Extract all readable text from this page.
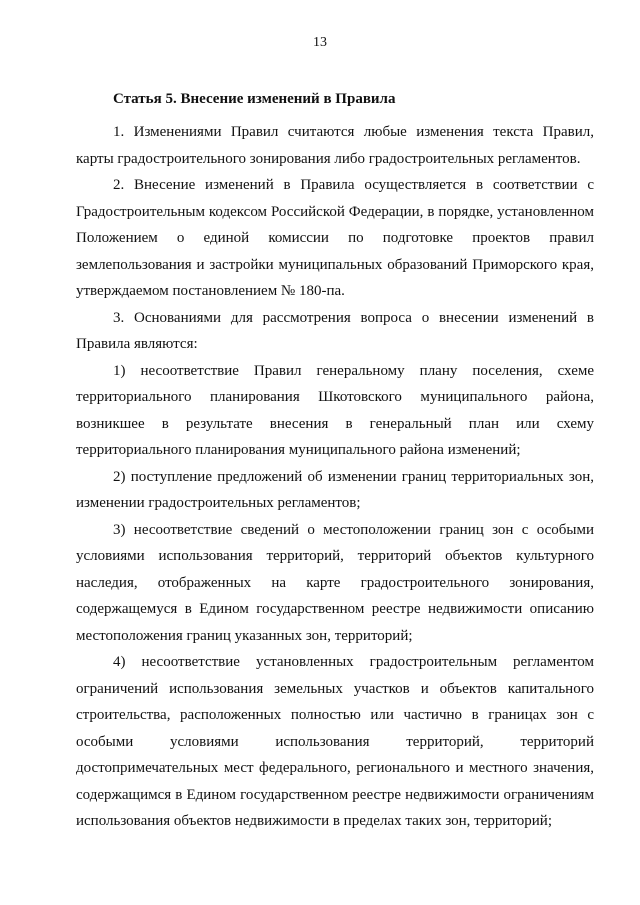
13

Статья 5. Внесение изменений в Правила

1. Изменениями Правил считаются любые изменения текста Правил, карты градостроительного зонирования либо градостроительных регламентов.

2. Внесение изменений в Правила осуществляется в соответствии с Градостроительным кодексом Российской Федерации, в порядке, установленном Положением о единой комиссии по подготовке проектов правил землепользования и застройки муниципальных образований Приморского края, утверждаемом постановлением № 180-па.

3. Основаниями для рассмотрения вопроса о внесении изменений в Правила являются:

1) несоответствие Правил генеральному плану поселения, схеме территориального планирования Шкотовского муниципального района, возникшее в результате внесения в генеральный план или схему территориального планирования муниципального района изменений;

2) поступление предложений об изменении границ территориальных зон, изменении градостроительных регламентов;

3) несоответствие сведений о местоположении границ зон с особыми условиями использования территорий, территорий объектов культурного наследия, отображенных на карте градостроительного зонирования, содержащемуся в Едином государственном реестре недвижимости описанию местоположения границ указанных зон, территорий;

4) несоответствие установленных градостроительным регламентом ограничений использования земельных участков и объектов капитального строительства, расположенных полностью или частично в границах зон с особыми условиями использования территорий, территорий достопримечательных мест федерального, регионального и местного значения, содержащимся в Едином государственном реестре недвижимости ограничениям использования объектов недвижимости в пределах таких зон, территорий;
